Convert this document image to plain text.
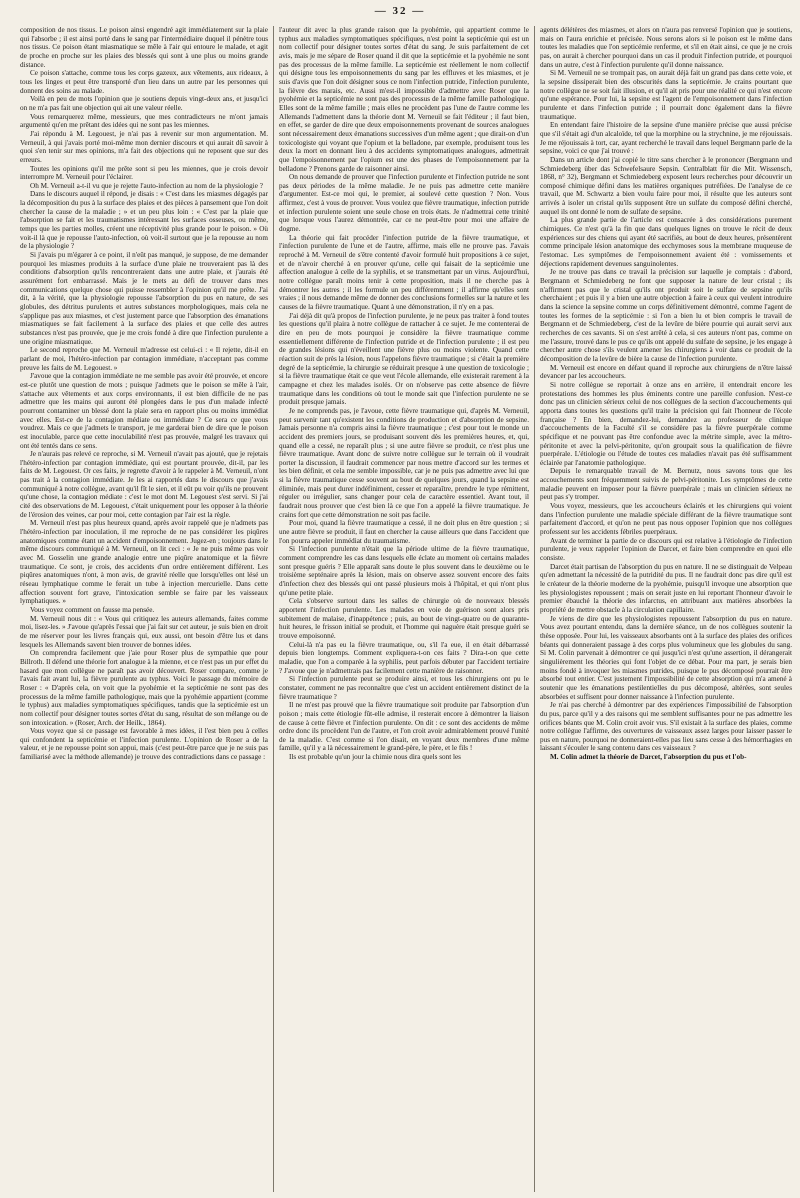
— 32 —

composition de nos tissus. Le poison ainsi engendré agit immédiatement sur la plaie qui l'absorbe ; il est ainsi porté dans le sang par l'intermédiaire duquel il pénètre tous nos tissus. Ce poison étant miasmatique se mêle à l'air qui entoure le malade, et agit de proche en proche sur les plaies des blessés qui sont à une plus ou moins grande distance.

Ce poison s'attache, comme tous les corps gazeux, aux vêtements, aux rideaux, à tous les linges et peut être transporté d'un lieu dans un autre par les personnes qui donnent des soins au malade.

Voilà en peu de mots l'opinion que je soutiens depuis vingt-deux ans, et jusqu'ici on ne m'a pas fait une objection qui ait une valeur réelle.

Vous remarquerez même, messieurs, que mes contradicteurs ne m'ont jamais argumenté qu'en me prêtant des idées qui ne sont pas les miennes.

J'ai répondu à M. Legouest, je n'ai pas à revenir sur mon argumentation. M. Verneuil, à qui j'avais porté moi-même mon dernier discours et qui aurait dû savoir à quoi s'en tenir sur mes opinions, m'a fait des objections qui ne reposent que sur des erreurs.

Toutes les opinions qu'il me prête sont si peu les miennes, que je crois devoir interrompre M. Verneuil pour l'éclairer.

Oh M. Verneuil a-t-il vu que je rejette l'auto-infection au nom de la physiologie ?

Dans le discours auquel il répond, je disais : « C'est dans les miasmes dégagés par la décomposition du pus à la surface des plaies et des pièces à pansement que l'on doit chercher la cause de la maladie ; » et un peu plus loin : « C'est par la plaie que l'absorption se fait et les traumatismes intéressant les surfaces osseuses, ou même, temps que les parties molles, créent une réceptivité plus grande pour le poison. » Où voit-il là que je repousse l'auto-infection, où voit-il surtout que je la repousse au nom de la physiologie ?

Si j'avais pu m'égarer à ce point, il n'eût pas manqué, je suppose, de me demander pourquoi les miasmes produits à la surface d'une plaie ne trouveraient pas là des conditions d'absorption qu'ils rencontreraient dans une autre plaie, et j'aurais été assurément fort embarrassé. Mais je le mets au défi de trouver dans mes communications quelque chose qui puisse ressembler à l'opinion qu'il me prête. J'ai dit, à la vérité, que la physiologie repousse l'absorption du pus en nature, de ses globules, des détritus purulents et autres substances morphologiques, mais cela ne s'applique pas aux miasmes, et c'est justement parce que l'absorption des émanations miasmatiques se fait facilement à la surface des plaies et que celle des autres substances n'est pas prouvée, que je me crois fondé à dire que l'infection purulente a une origine miasmatique.

Le second reproche que M. Verneuil m'adresse est celui-ci : « Il rejette, dit-il en parlant de moi, l'hétéro-infection par contagion immédiate, n'acceptant pas comme preuve les faits de M. Legouest. »

J'avoue que la contagion immédiate ne me semble pas avoir été prouvée, et encore est-ce plutôt une question de mots ; puisque j'admets que le poison se mêle à l'air, s'attache aux vêtements et aux corps environnants, il est bien difficile de ne pas admettre que les mains qui auront été plongées dans le pus d'un malade infecté pourront contaminer un blessé dont la plaie sera en rapport plus ou moins immédiat avec elles. Est-ce de la contagion médiate ou immédiate ? Ce sera ce que vous voudrez. Mais ce que j'admets le transport, je me garderai bien de dire que le poison est inoculable, parce que cette inoculabilité n'est pas prouvée, malgré les travaux qui ont été tentés dans ce sens.

Je n'aurais pas relevé ce reproche, si M. Verneuil n'avait pas ajouté, que je rejetais l'hétéro-infection par contagion immédiate, qui est pourtant prouvée, dit-il, par les faits de M. Legouest. Or ces faits, je regrette d'avoir à le rappeler à M. Verneuil, n'ont pas trait à la contagion immédiate. Je les ai rapportés dans le discours que j'avais communiqué à notre collègue, avant qu'il fît le sien, et il eût pu voir qu'ils ne prouvent qu'une chose, la contagion médiate : c'est le mot dont M. Legouest s'est servi. Si j'ai cité des observations de M. Legouest, c'était uniquement pour les opposer à la théorie de l'érosion des veines, car pour moi, cette contagion par l'air est la règle.

M. Verneuil n'est pas plus heureux quand, après avoir rappelé que je n'admets pas l'hétéro-infection par inoculation, il me reproche de ne pas considérer les piqûres anatomiques comme étant un accident d'empoisonnement. Jugez-en ; toujours dans le même discours communiqué à M. Verneuil, on lit ceci : « Je ne puis même pas voir avec M. Gosselin une grande analogie entre une piqûre anatomique et la fièvre traumatique. Ce sont, je crois, des accidents d'un ordre entièrement différent. Les piqûres anatomiques n'ont, à mon avis, de gravité réelle que lorsqu'elles ont lésé un réseau lymphatique comme le ferait un tube à injection mercurielle. Dans cette affection souvent fort grave, l'intoxication semble se faire par les vaisseaux lymphatiques. »

Vous voyez comment on fausse ma pensée.

M. Verneuil nous dit : « Vous qui critiquez les auteurs allemands, faites comme moi, lisez-les. » J'avoue qu'après l'essai que j'ai fait sur cet auteur, je suis bien en droit de me réserver pour les livres français qui, eux aussi, ont besoin d'être lus et dans lesquels les Allemands savent bien trouver de bonnes idées.

On comprendra facilement que j'aie pour Roser plus de sympathie que pour Billroth. Il défend une théorie fort analogue à la mienne, et ce n'est pas un pur effet du hasard que mon collègue ne paraît pas avoir découvert. Roser compare, comme je l'avais fait avant lui, la fièvre purulente au typhus. Voici le passage du mémoire de Roser : « D'après cela, on voit que la pyohémie et la septicémie ne sont pas des processus de la même famille pathologique, mais que la pyohémie appartient (comme le typhus) aux maladies symptomatiques spécifiques, tandis que la septicémie est un nom collectif pour désigner toutes sortes d'état du sang, résultat de son mélange ou de son intoxication. » (Roser, Arch. der Heilk., 1864).

Vous voyez que si ce passage est favorable à mes idées, il l'est bien peu à celles qui confondent la septicémie et l'infection purulente. L'opinion de Roser a de la valeur, et je ne repousse point son appui, mais (c'est peut-être parce que je ne suis pas familiarisé avec la méthode allemande) je trouve des contradictions dans ce passage :

l'auteur dit avec la plus grande raison que la pyohémie, qui appartient comme le typhus aux maladies symptomatiques spécifiques, n'est point la septicémie qui est un nom collectif pour désigner toutes sortes d'état du sang. Je suis parfaitement de cet avis, mais je me sépare de Roser quand il dit que la septicémie et la pyohémie ne sont pas des processus de la même famille. La septicémie est réellement le nom collectif qui désigne tous les empoisonnements du sang par les effluves et les miasmes, et je suis d'avis que l'on doit désigner sous ce nom l'infection putride, l'infection purulente, la fièvre des marais, etc. Aussi m'est-il impossible d'admettre avec Roser que la pyohémie et la septicémie ne sont pas des processus de la même famille pathologique. Elles sont de la même famille ; mais elles ne procèdent pas l'une de l'autre comme les Allemands l'admettent dans la théorie dont M. Verneuil se fait l'éditeur ; il faut bien, en effet, se garder de dire que deux empoisonnements provenant de sources analogues sont nécessairement deux émanations successives d'un même agent ; que dirait-on d'un toxicologiste qui voyant que l'opium et la belladone, par exemple, produisent tous les deux la mort en donnant lieu à des accidents symptomatiques analogues, admettrait que l'empoisonnement par l'opium est une des phases de l'empoisonnement par la belladone ? Prenons garde de raisonner ainsi.

On nous demande de prouver que l'infection purulente et l'infection putride ne sont pas deux périodes de la même maladie. Je ne puis pas admettre cette manière d'argumenter. Est-ce moi qui, le premier, ai soulevé cette question ? Non. Vous affirmez, c'est à vous de prouver. Vous voulez que fièvre traumatique, infection putride et infection purulente soient une seule chose en trois états. Je n'admettrai cette trinité que lorsque vous l'aurez démontrée, car ce ne peut-être pour moi une affaire de dogme.

La théorie qui fait procéder l'infection putride de la fièvre traumatique, et l'infection purulente de l'une et de l'autre, affirme, mais elle ne prouve pas. J'avais reproché à M. Verneuil de s'être contenté d'avoir formulé huit propositions à ce sujet, et de n'avoir cherché à en prouver qu'une, celle qui faisait de la septicémie une affection analogue à celle de la syphilis, et se transmettant par un virus. Aujourd'hui, notre collègue paraît moins tenir à cette proposition, mais il ne cherche pas à démontrer les autres ; il les formule un peu différemment ; il affirme qu'elles sont vraies ; il nous demande même de donner des conclusions formelles sur la nature et les causes de la fièvre traumatique. Quant à une démonstration, il n'y en a pas.

J'ai déjà dit qu'à propos de l'infection purulente, je ne peux pas traiter à fond toutes les questions qu'il plaira à notre collègue de rattacher à ce sujet. Je me contenterai de dire en peu de mots pourquoi je considère la fièvre traumatique comme essentiellement différente de l'infection putride et de l'infection purulente ; il est peu de grandes lésions qui n'éveillent une fièvre plus ou moins violente. Quand cette réaction suit de près la lésion, nous l'appelons fièvre traumatique ; si c'était la première degré de la septicémie, la chirurgie se réduirait presque à une question de toxicologie ; si la fièvre traumatique était ce que veut l'école allemande, elle existerait rarement à la campagne et chez les malades isolés. Or on n'observe pas cette absence de fièvre traumatique dans les conditions où tout le monde sait que l'infection purulente ne se produit presque jamais.

Je ne comprends pas, je l'avoue, cette fièvre traumatique qui, d'après M. Verneuil, peut survenir tant qu'existent les conditions de production et d'absorption de sepsine. Jamais personne n'a compris ainsi la fièvre traumatique ; c'est pour tout le monde un accident des premiers jours, se produisant souvent dès les premières heures, et, qui, quand elle a cessé, ne reparaît plus ; si une autre fièvre se produit, ce n'est plus une fièvre traumatique. Avant donc de suivre notre collègue sur le terrain où il voudrait porter la discussion, il faudrait commencer par nous mettre d'accord sur les termes et les bien définir, et cela me semble impossible, car je ne puis pas admettre avec lui que si la fièvre traumatique cesse souvent au bout de quelques jours, quand la sepsine est éliminée, mais peut durer indéfiniment, cesser et reparaître, prendre le type rémittent, réguler ou irrégulier, sans changer pour cela de caractère essentiel. Avant tout, il faudrait nous prouver que c'est bien là ce que l'on a appelé la fièvre traumatique. Je crains fort que cette démonstration ne soit pas facile.

Pour moi, quand la fièvre traumatique a cessé, il ne doit plus en être question ; si une autre fièvre se produit, il faut en chercher la cause ailleurs que dans l'accident que l'on pourra appeler immédiat du traumatisme.

Si l'infection purulente n'était que la période ultime de la fièvre traumatique, comment comprendre les cas dans lesquels elle éclate au moment où certains malades sont presque guéris ? Elle apparaît sans doute le plus souvent dans le deuxième ou le troisième septénaire après la lésion, mais on observe assez souvent encore des faits d'infection chez des blessés qui ont passé plusieurs mois à l'hôpital, et qui n'ont plus qu'une petite plaie.

Cela s'observe surtout dans les salles de chirurgie où de nouveaux blessés apportent l'infection purulente. Les malades en voie de guérison sont alors pris subitement de malaise, d'inappétence ; puis, au bout de vingt-quatre ou de quarante-huit heures, le frisson initial se produit, et l'homme qui naguère était presque guéri se trouve empoisonné.

Celui-là n'a pas eu la fièvre traumatique, ou, s'il l'a eue, il en était débarrassé depuis bien longtemps. Comment expliquera-t-on ces faits ? Dira-t-on que cette maladie, que l'on a comparée à la syphilis, peut parfois débuter par l'accident tertiaire ? J'avoue que je n'admettrais pas facilement cette manière de raisonner.

Si l'infection purulente peut se produire ainsi, et tous les chirurgiens ont pu le constater, comment ne pas reconnaître que c'est un accident entièrement distinct de la fièvre traumatique ?

Il ne m'est pas prouvé que la fièvre traumatique soit produite par l'absorption d'un poison ; mais cette étiologie fût-elle admise, il resterait encore à démontrer la liaison de cause à cette fièvre et l'infection purulente. On dit : ce sont des accidents de même ordre donc ils procèdent l'un de l'autre, et l'on croit avoir admirablement prouvé l'unité de la maladie. C'est comme si l'on disait, en voyant deux membres d'une même famille, qu'il y a là nécessairement le grand-père, le père, et le fils !

Ils est probable qu'un jour la chimie nous dira quels sont les

agents délétères des miasmes, et alors on n'aura pas renversé l'opinion que je soutiens, mais on l'aura enrichie et précisée. Nous serons alors si le poison est le même dans toutes les maladies que l'on septicémie renferme, et s'il en était ainsi, ce que je ne crois pas, on aurait à chercher pourquoi dans un cas il produit l'infection putride, et pourquoi dans un autre, c'est à l'infection purulente qu'il donne naissance.

Si M. Verneuil ne se trompait pas, on aurait déjà fait un grand pas dans cette voie, et la sepsine dissiperait bien des obscurités dans la septicémie. Je crains pourtant que notre collègue ne se soit fait illusion, et qu'il ait pris pour une réalité ce qui n'est encore qu'une espérance. Pour lui, la sepsine est l'agent de l'empoisonnement dans l'infection purulente et dans l'infection putride ; il pourrait donc également dans la fièvre traumatique.

En entendant faire l'histoire de la sepsine d'une manière précise que aussi précise que s'il s'était agi d'un alcaloïde, tel que la morphine ou la strychnine, je me réjouissais. Je me réjouissais à tort, car, ayant recherché le travail dans lequel Bergmann parle de la sepsine, voici ce que j'ai trouvé :

Dans un article dont j'ai copié le titre sans chercher à le prononcer (Bergmann und Schmiedeberg über das Schwefelsaure Sepsin. Centralblatt für die Mit. Wissensch, 1868, n° 32), Bergmann et Schmiedeberg exposent leurs recherches pour découvrir un composé chimique défini dans les matières organiques putréfiées. De l'analyse de ce travail, que M. Schwartz a bien voulu faire pour moi, il résulte que les auteurs sont arrivés à isoler un cristal qu'ils supposent être un sulfate du composé défini cherché, auquel ils ont donné le nom de sulfate de sepsine.

La plus grande partie de l'article est consacrée à des considérations purement chimiques. Ce n'est qu'à la fin que dans quelques lignes on trouve le récit de deux expériences sur des chiens qui ayant été sacrifiés, au bout de deux heures, présentèrent comme principale lésion anatomique des ecchymoses sous la membrane muqueuse de l'estomac. Les symptômes de l'empoisonnement avaient été : vomissements et déjections rapidement devenues sanguinolentes.

Je ne trouve pas dans ce travail la précision sur laquelle je comptais : d'abord, Bergmann et Schmiedeberg ne font que supposer la nature de leur cristal ; ils n'affirment pas que le cristal qu'ils ont produit soit le sulfate de sepsine qu'ils cherchaient ; et puis il y a bien une autre objection à faire à ceux qui veulent introduire dans la science la sepsine comme un corps définitivement démontré, comme l'agent de toutes les formes de la septicémie : si l'on a bien lu et bien compris le travail de Bergmann et de Schmiedeberg, c'est de la levûre de bière pourrie qui aurait servi aux recherches de ces savants. Si on s'est arrêté à cela, si ces auteurs n'ont pas, comme on me l'assure, trouvé dans le pus ce qu'ils ont appelé du sulfate de sepsine, je les engage à chercher autre chose s'ils veulent amener les chirurgiens à voir dans ce produit de la décomposition de la levûre de bière la cause de l'infection purulente.

M. Verneuil est encore en défaut quand il reproche aux chirurgiens de n'être laissé devancer par les accoucheurs.

Si notre collègue se reportait à onze ans en arrière, il entendrait encore les protestations des hommes les plus éminents contre une pareille confusion. N'est-ce donc pas un clinicien sérieux celui de nos collègues de la section d'accouchements qui apporta dans toutes les questions qu'il traite la précision qui fait l'honneur de l'école française ? En bien, demandez-lui, demandez au professeur de clinique d'accouchements de la Faculté s'il se considère pas la fièvre puerpérale comme spécifique et ne pouvant pas être confondue avec la métrite simple, avec la métro-péritonite et avec la pelvi-péritonite, qu'on groupait sous la qualification de fièvre puerpérale. L'étiologie ou l'étude de toutes ces maladies n'avait pas été suffisamment éclairée par l'anatomie pathologique.

Depuis le remarquable travail de M. Bernutz, nous savons tous que les accouchements sont fréquemment suivis de pelvi-péritonite. Les symptômes de cette maladie peuvent en imposer pour la fièvre puerpérale ; mais un clinicien sérieux ne peut pas s'y tromper.

Vous voyez, messieurs, que les accoucheurs éclairés et les chirurgiens qui voient dans l'infection purulente une maladie spéciale différant de la fièvre traumatique sont parfaitement d'accord, et qu'on ne peut pas nous opposer l'opinion que nos collègues professent sur les accidents fébriles puerpéraux.

Avant de terminer la partie de ce discours qui est relative à l'étiologie de l'infection purulente, je veux rappeler l'opinion de Darcet, et faire bien comprendre en quoi elle consiste.

Darcet était partisan de l'absorption du pus en nature. Il ne se distinguait de Velpeau qu'en admettant la nécessité de la putridité du pus. Il ne faudrait donc pas dire qu'il est le créateur de la théorie moderne de la pyohémie, puisqu'il invoque une absorption que les physiologistes repoussent ; mais on serait juste en lui reportant l'honneur d'avoir le premier ébauché la théorie des infarctus, en attribuant aux matières absorbées la propriété de mettre obstacle à la circulation capillaire.

Je viens de dire que les physiologistes repoussent l'absorption du pus en nature. Vous avez pourtant entendu, dans la dernière séance, un de nos collègues soutenir la thèse opposée. Pour lui, les vaisseaux absorbants ont à la surface des plaies des orifices béants qui donneraient passage à des corps plus volumineux que les globules du sang. Si M. Colin parvenait à démontrer ce qui jusqu'ici n'est qu'une assertion, il dérangerait singulièrement les théories qui font l'objet de ce débat. Pour ma part, je serais bien moins fondé à invoquer les miasmes putrides, puisque le pus décomposé pourrait être absorbé tout entier. C'est justement l'impossibilité de cette absorption qui m'a amené à soutenir que les émanations pestilentielles du pus décomposé, altérées, sont seules absorbées et suffisent pour donner naissance à l'infection purulente.

Je n'ai pas cherché à démontrer par des expériences l'impossibilité de l'absorption du pus, parce qu'il y a des raisons qui me semblent suffisantes pour ne pas admettre les orifices béants que M. Colin croit avoir vus. S'il existait à la surface des plaies, comme notre collègue l'affirme, des ouvertures de vaisseaux assez larges pour laisser passer le pus en nature, pourquoi ne donneraient-elles pas lieu sans cesse à des hémorrhagies en laissant s'écouler le sang contenu dans ces vaisseaux ?

M. Colin admet la théorie de Darcet, l'absorption du pus et l'ob-
